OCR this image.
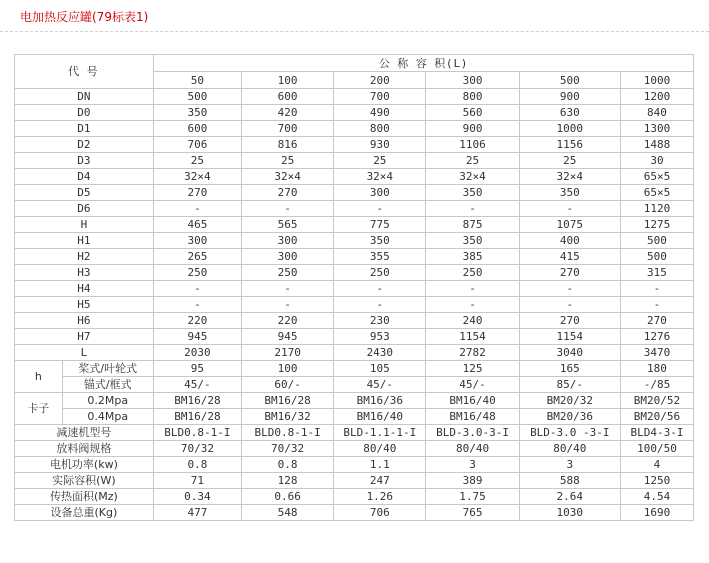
电加热反应罐(79标表1)
代 号		公 称 容 积(L)					
		50	100	200	300	500	1000
DN		500	600	700	800	900	1200
D0		350	420	490	560	630	840
D1		600	700	800	900	1000	1300
D2		706	816	930	1106	1156	1488
D3		25	25	25	25	25	30
D4		32×4	32×4	32×4	32×4	32×4	65×5
D5		270	270	300	350	350	65×5
D6		-	-	-	-	-	1120
H		465	565	775	875	1075	1275
H1		300	300	350	350	400	500
H2		265	300	355	385	415	500
H3		250	250	250	250	270	315
H4		-	-	-	-	-	-
H5		-	-	-	-	-	-
H6		220	220	230	240	270	270
H7		945	945	953	1154	1154	1276
L		2030	2170	2430	2782	3040	3470
h	桨式/叶轮式	95	100	105	125	165	180
	锚式/框式	45/-	60/-	45/-	45/-	85/-	-/85
卡子	0.2Mpa	BM16/28	BM16/28	BM16/36	BM16/40	BM20/32	BM20/52
	0.4Mpa	BM16/28	BM16/32	BM16/40	BM16/48	BM20/36	BM20/56
减速机型号		BLD0.8-1-I	BLD0.8-1-I	BLD-1.1-1-I	BLD-3.0-3-I	BLD-3.0 -3-I	BLD4-3-I
放料阀规格		70/32	70/32	80/40	80/40	80/40	100/50
电机功率(kw)		0.8	0.8	1.1	3	3	4
实际容积(W)		71	128	247	389	588	1250
传热面积(Mz)		0.34	0.66	1.26	1.75	2.64	4.54
设备总重(Kg)		477	548	706	765	1030	1690
